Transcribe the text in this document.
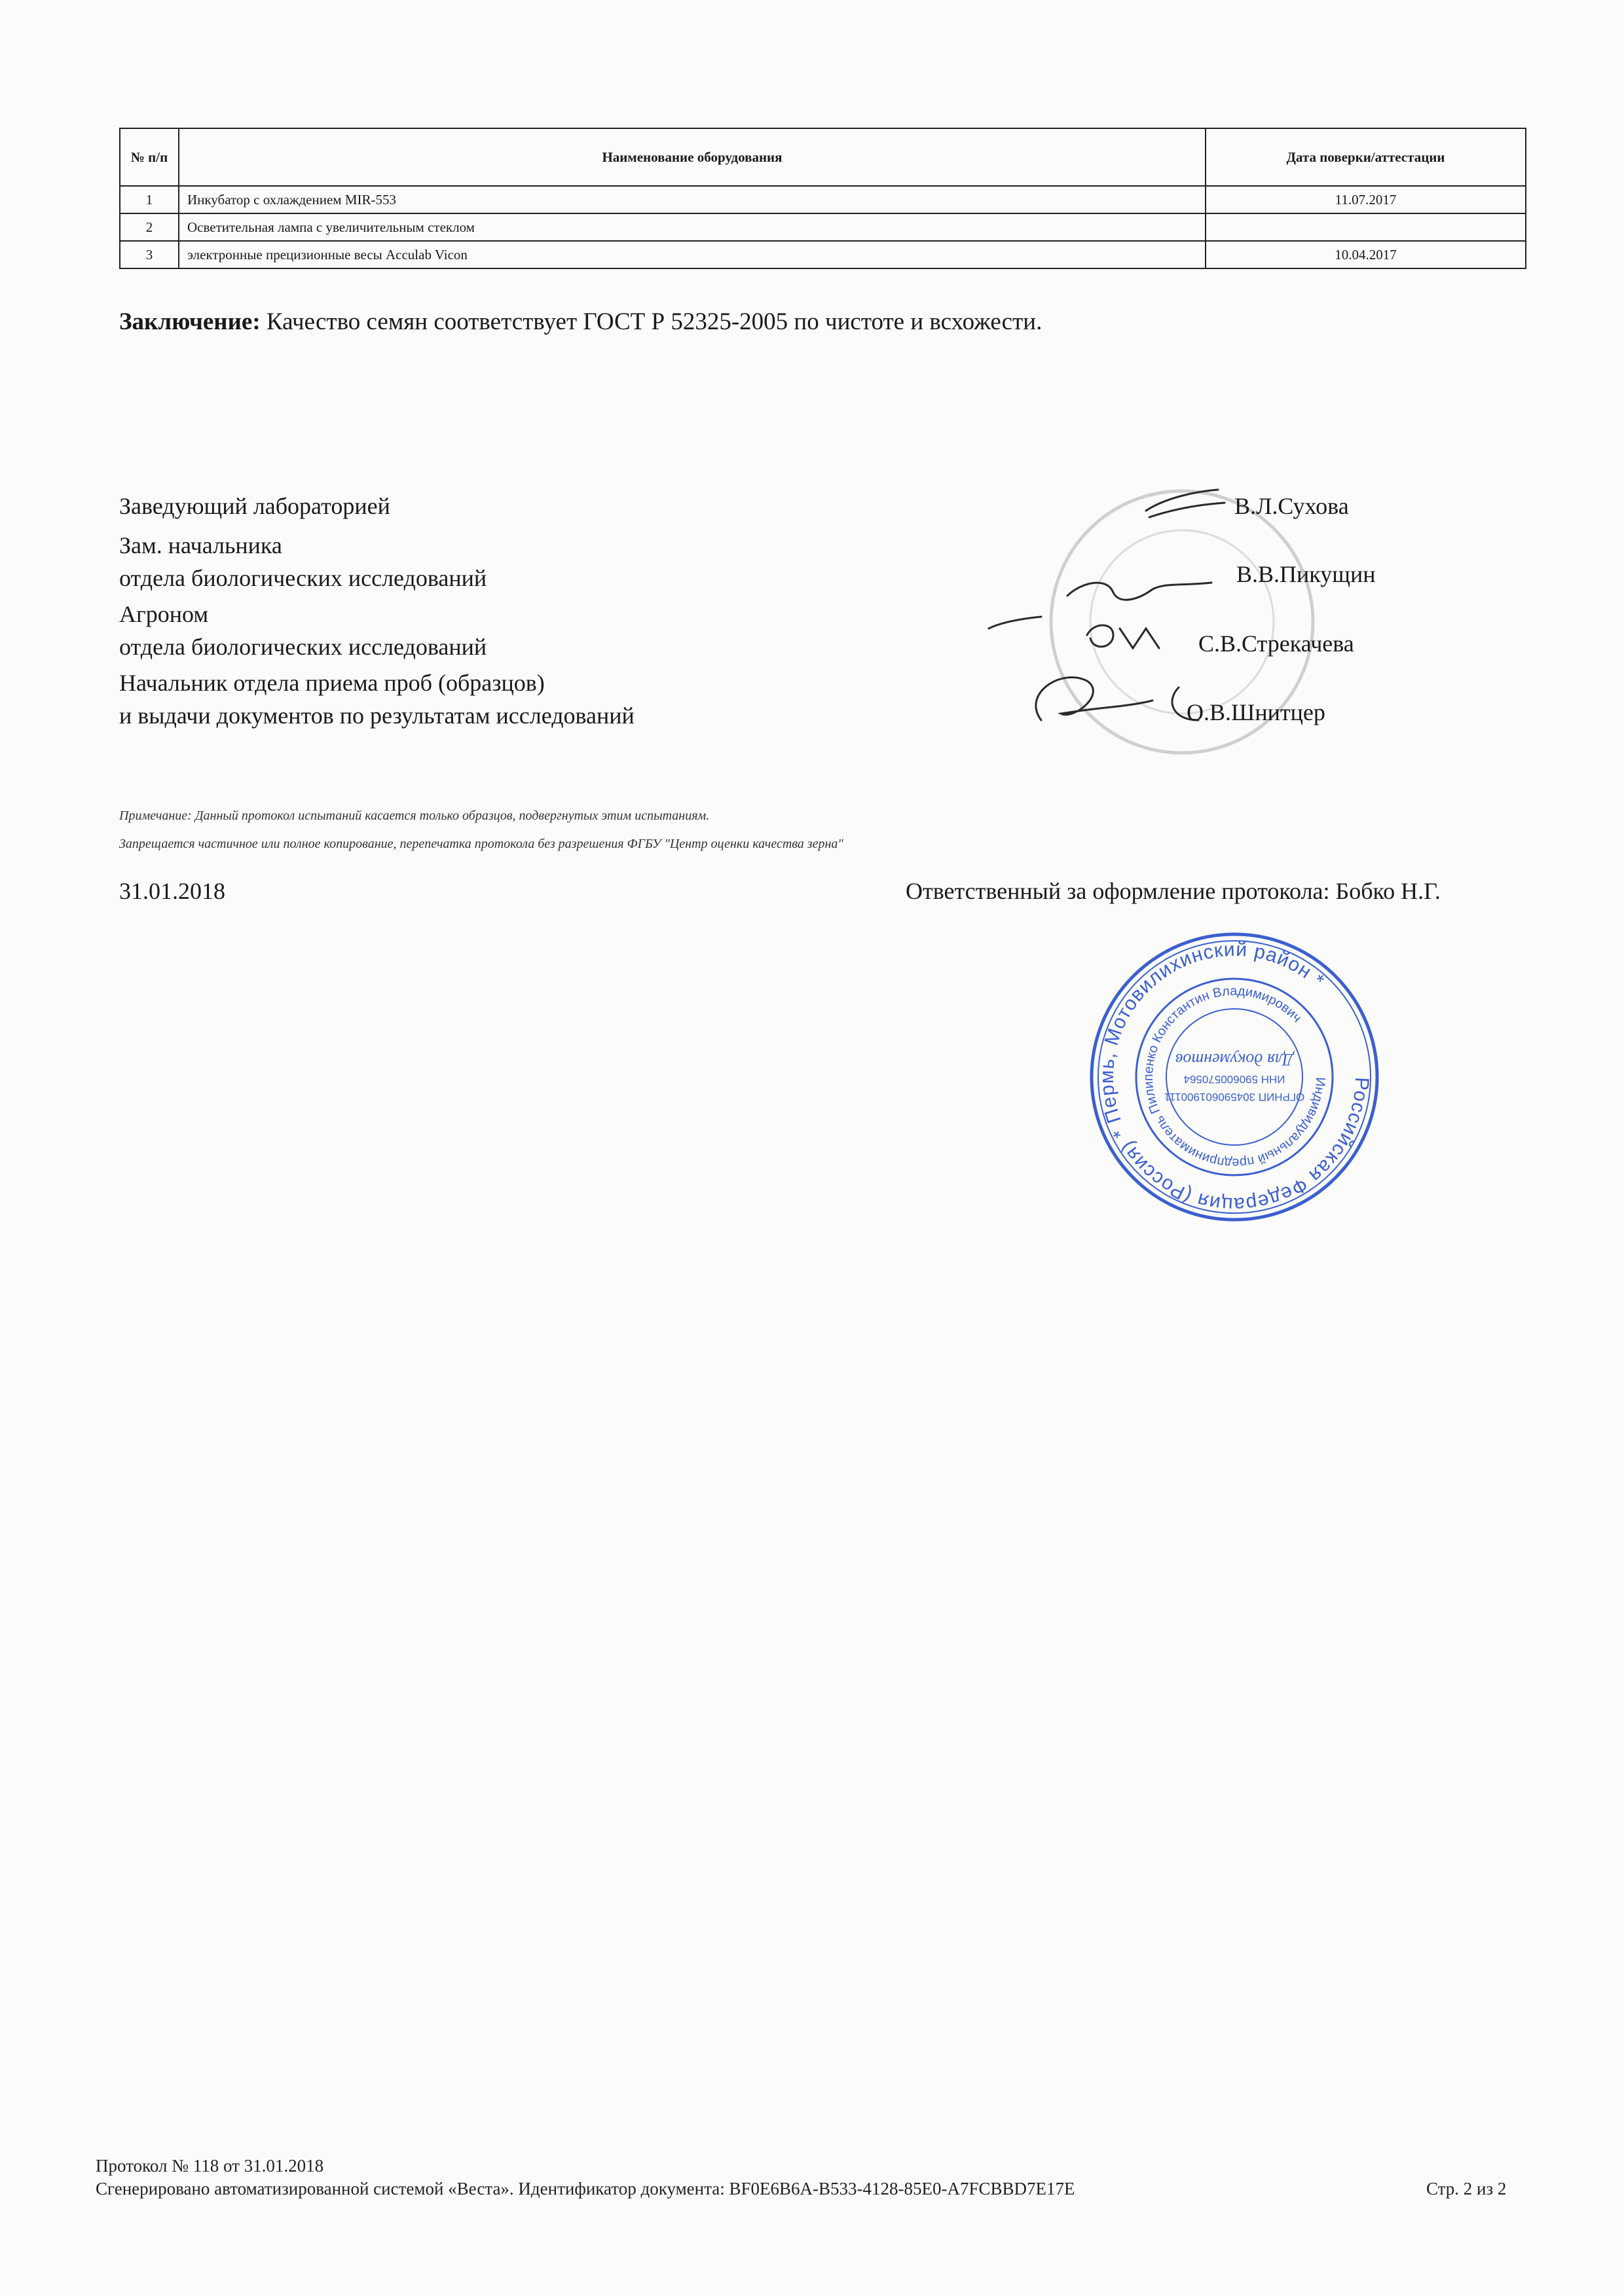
№ п/п	Наименование оборудования	Дата поверки/аттестации
1	Инкубатор с охлаждением MIR-553	11.07.2017
2	Осветительная лампа с увеличительным стеклом	
3	электронные прецизионные весы Acculab Vicon	10.04.2017
Заключение: Качество семян соответствует ГОСТ Р 52325-2005 по чистоте и всхожести.
Заведующий лабораторией
Зам. начальника
отдела биологических исследований
Агроном
отдела биологических исследований
Начальник отдела приема проб (образцов)
и выдачи документов по результатам исследований
В.Л.Сухова
В.В.Пикущин
С.В.Стрекачева
О.В.Шнитцер
Примечание: Данный протокол испытаний касается только образцов, подвергнутых этим испытаниям.
Запрещается частичное или полное копирование, перепечатка протокола без разрешения ФГБУ "Центр оценки качества зерна"
31.01.2018	Ответственный за оформление протокола: Бобко Н.Г.
Российская Федерация (Россия) * Пермь, Мотовилихинский район *
Индивидуальный предприниматель Пилипенко Константин Владимирович
ОГРНИП 304590601900111
ИНН 590600570564
Для документов
Протокол № 118 от 31.01.2018
Сгенерировано автоматизированной системой «Веста». Идентификатор документа: BF0E6B6A-B533-4128-85E0-A7FCBBD7E17E	Стр. 2 из 2
